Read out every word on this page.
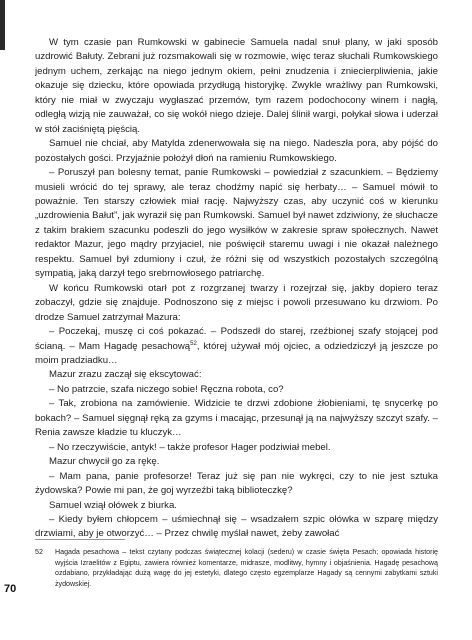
W tym czasie pan Rumkowski w gabinecie Samuela nadal snuł plany, w jaki sposób uzdrowić Bałuty. Zebrani już rozsmakowali się w rozmowie, więc teraz słuchali Rumkowskiego jednym uchem, zerkając na niego jednym okiem, pełni znudzenia i zniecierpliwienia, jakie okazuje się dziecku, które opowiada przydługą historyjkę. Zwykle wrażliwy pan Rumkowski, który nie miał w zwyczaju wygłaszać przemów, tym razem podochocony winem i nagłą, odległą wizją nie zauważał, co się wokół niego dzieje. Dalej ślinił wargi, połykał słowa i uderzał w stół zaciśniętą pięścią.

Samuel nie chciał, aby Matylda zdenerwowała się na niego. Nadeszła pora, aby pójść do pozostałych gości. Przyjaźnie położył dłoń na ramieniu Rumkowskiego.

– Poruszył pan bolesny temat, panie Rumkowski – powiedział z szacunkiem. – Będziemy musieli wrócić do tej sprawy, ale teraz chodźmy napić się herbaty… – Samuel mówił to poważnie. Ten starszy człowiek miał rację. Najwyższy czas, aby uczynić coś w kierunku „uzdrowienia Bałut”, jak wyraził się pan Rumkowski. Samuel był nawet zdziwiony, że słuchacze z takim brakiem szacunku podeszli do jego wysiłków w zakresie spraw społecznych. Nawet redaktor Mazur, jego mądry przyjaciel, nie poświęcił staremu uwagi i nie okazał należnego respektu. Samuel był zdumiony i czuł, że różni się od wszystkich pozostałych szczególną sympatią, jaką darzył tego srebrnowłosego patriarchę.

W końcu Rumkowski otarł pot z rozgrzanej twarzy i rozejrzał się, jakby dopiero teraz zobaczył, gdzie się znajduje. Podnoszono się z miejsc i powoli przesuwano ku drzwiom. Po drodze Samuel zatrzymał Mazura:

– Poczekaj, muszę ci coś pokazać. – Podszedł do starej, rzeźbionej szafy stojącej pod ścianą. – Mam Hagadę pesachową$^{52}$, której używał mój ojciec, a odziedziczył ją jeszcze po moim pradziadku…

Mazur zrazu zaczął się ekscytować:

– No patrzcie, szafa niczego sobie! Ręczna robota, co?

– Tak, zrobiona na zamówienie. Widzicie te drzwi zdobione żłobieniami, tę snycerkę po bokach? – Samuel sięgnął ręką za gzyms i macając, przesunął ją na najwyższy szczyt szafy. – Renia zawsze kładzie tu kluczyk…

– No rzeczywiście, antyk! – także profesor Hager podziwiał mebel.

Mazur chwycił go za rękę.

– Mam pana, panie profesorze! Teraz już się pan nie wykręci, czy to nie jest sztuka żydowska? Powie mi pan, że goj wyrzeźbi taką biblioteczkę?

Samuel wziął ołówek z biurka.

– Kiedy byłem chłopcem – uśmiechnął się – wsadzałem szpic ołówka w szparę między drzwiami, aby je otworzyć… – Przez chwilę myślał nawet, żeby zawołać

52	Hagada pesachowa – tekst czytany podczas świątecznej kolacji (sederu) w czasie święta Pesach; opowiada historię wyjścia Izraelitów z Egiptu, zawiera również komentarze, midrasze, modlitwy, hymny i objaśnienia. Hagadę pesachową ozdabiano, przykładając dużą wagę do jej estetyki, dlatego często egzemplarze Hagady są cennymi zabytkami sztuki żydowskiej.
70
